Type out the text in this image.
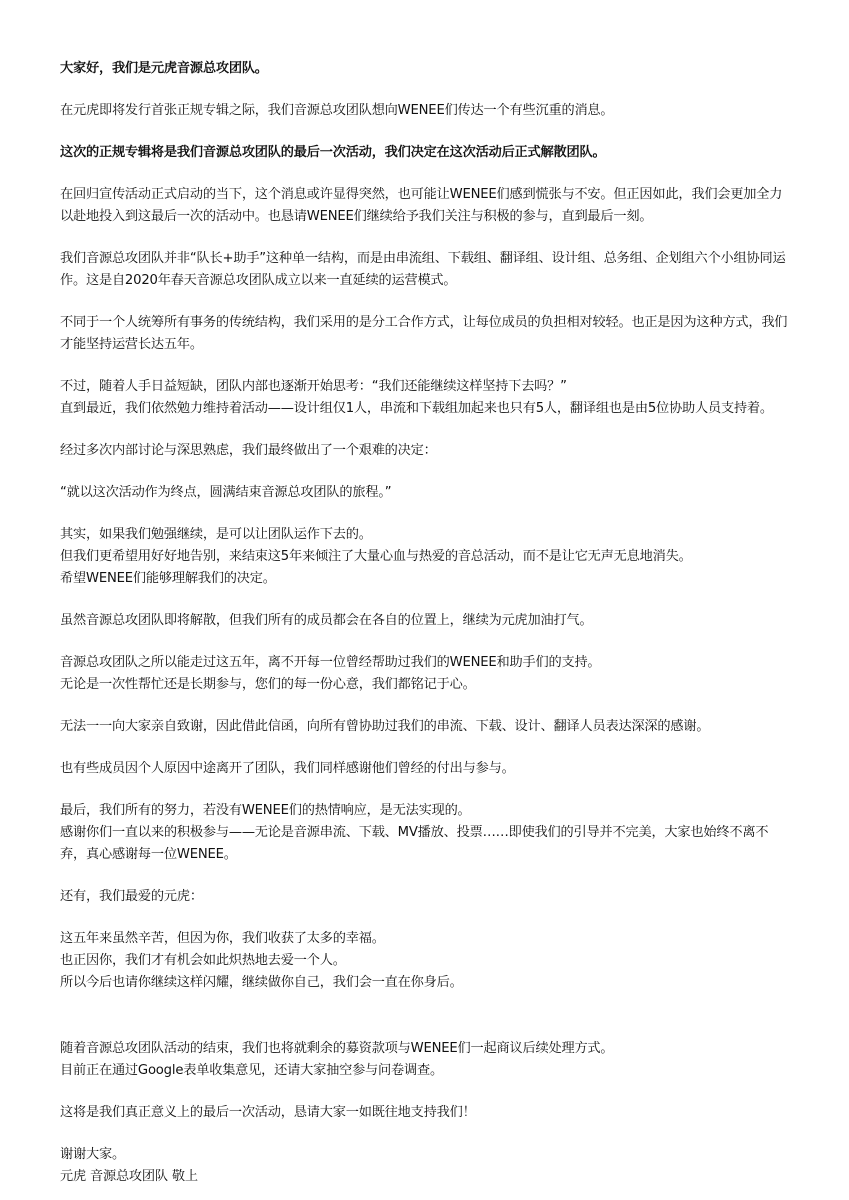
大家好，我们是元虎音源总攻团队。

在元虎即将发行首张正规专辑之际，我们音源总攻团队想向WENEE们传达一个有些沉重的消息。

这次的正规专辑将是我们音源总攻团队的最后一次活动，我们决定在这次活动后正式解散团队。

在回归宣传活动正式启动的当下，这个消息或许显得突然，也可能让WENEE们感到慌张与不安。但正因如此，我们会更加全力以赴地投入到这最后一次的活动中。也恳请WENEE们继续给予我们关注与积极的参与，直到最后一刻。

我们音源总攻团队并非“队长+助手”这种单一结构，而是由串流组、下载组、翻译组、设计组、总务组、企划组六个小组协同运作。这是自2020年春天音源总攻团队成立以来一直延续的运营模式。

不同于一个人统筹所有事务的传统结构，我们采用的是分工合作方式，让每位成员的负担相对较轻。也正是因为这种方式，我们才能坚持运营长达五年。

不过，随着人手日益短缺，团队内部也逐渐开始思考：“我们还能继续这样坚持下去吗？”
直到最近，我们依然勉力维持着活动——设计组仅1人，串流和下载组加起来也只有5人，翻译组也是由5位协助人员支持着。

经过多次内部讨论与深思熟虑，我们最终做出了一个艰难的决定：

“就以这次活动作为终点，圆满结束音源总攻团队的旅程。”

其实，如果我们勉强继续，是可以让团队运作下去的。
但我们更希望用好好地告别，来结束这5年来倾注了大量心血与热爱的音总活动，而不是让它无声无息地消失。
希望WENEE们能够理解我们的决定。

虽然音源总攻团队即将解散，但我们所有的成员都会在各自的位置上，继续为元虎加油打气。

音源总攻团队之所以能走过这五年，离不开每一位曾经帮助过我们的WENEE和助手们的支持。
无论是一次性帮忙还是长期参与，您们的每一份心意，我们都铭记于心。

无法一一向大家亲自致谢，因此借此信函，向所有曾协助过我们的串流、下载、设计、翻译人员表达深深的感谢。

也有些成员因个人原因中途离开了团队，我们同样感谢他们曾经的付出与参与。

最后，我们所有的努力，若没有WENEE们的热情响应，是无法实现的。
感谢你们一直以来的积极参与——无论是音源串流、下载、MV播放、投票……即使我们的引导并不完美，大家也始终不离不弃，真心感谢每一位WENEE。

还有，我们最爱的元虎：

这五年来虽然辛苦，但因为你，我们收获了太多的幸福。
也正因你，我们才有机会如此炽热地去爱一个人。
所以今后也请你继续这样闪耀，继续做你自己，我们会一直在你身后。

随着音源总攻团队活动的结束，我们也将就剩余的募资款项与WENEE们一起商议后续处理方式。
目前正在通过Google表单收集意见，还请大家抽空参与问卷调查。

这将是我们真正意义上的最后一次活动，恳请大家一如既往地支持我们！

谢谢大家。

元虎 音源总攻团队 敬上
